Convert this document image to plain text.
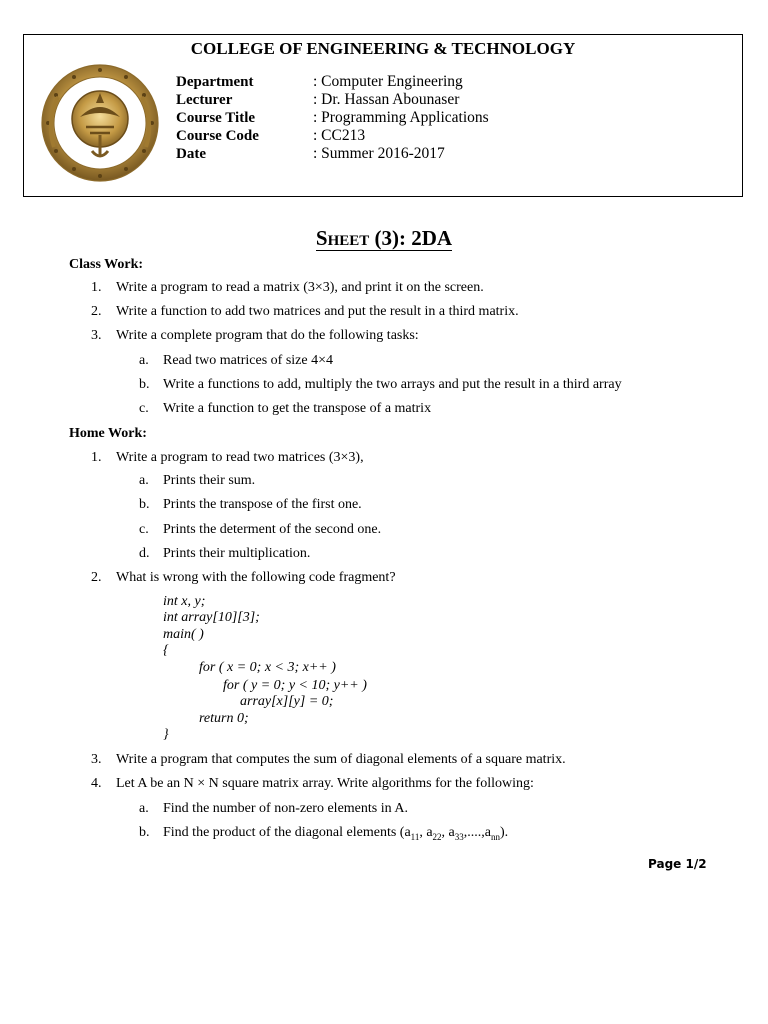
COLLEGE OF ENGINEERING & TECHNOLOGY
Department	: Computer Engineering
Lecturer	: Dr. Hassan Abounaser
Course Title	: Programming Applications
Course Code	: CC213
Date	: Summer 2016-2017
Sheet (3): 2DA
Class Work:
1. Write a program to read a matrix (3×3), and print it on the screen.
2. Write a function to add two matrices and put the result in a third matrix.
3. Write a complete program that do the following tasks:
a. Read two matrices of size 4×4
b. Write a functions to add, multiply the two arrays and put the result in a third array
c. Write a function to get the transpose of a matrix
Home Work:
1. Write a program to read two matrices (3×3),
a. Prints their sum.
b. Prints the transpose of the first one.
c. Prints the determent of the second one.
d. Prints their multiplication.
2. What is wrong with the following code fragment?
int x, y;
int array[10][3];
main( )
{
for ( x = 0; x < 3; x++ )
for ( y = 0; y < 10; y++ )
array[x][y] = 0;
return 0;
}
3. Write a program that computes the sum of diagonal elements of a square matrix.
4. Let A be an N × N square matrix array. Write algorithms for the following:
a. Find the number of non-zero elements in A.
b. Find the product of the diagonal elements ($a_{11}$, $a_{22}$, $a_{33},....,a_{nn}$).
Page 1/2
